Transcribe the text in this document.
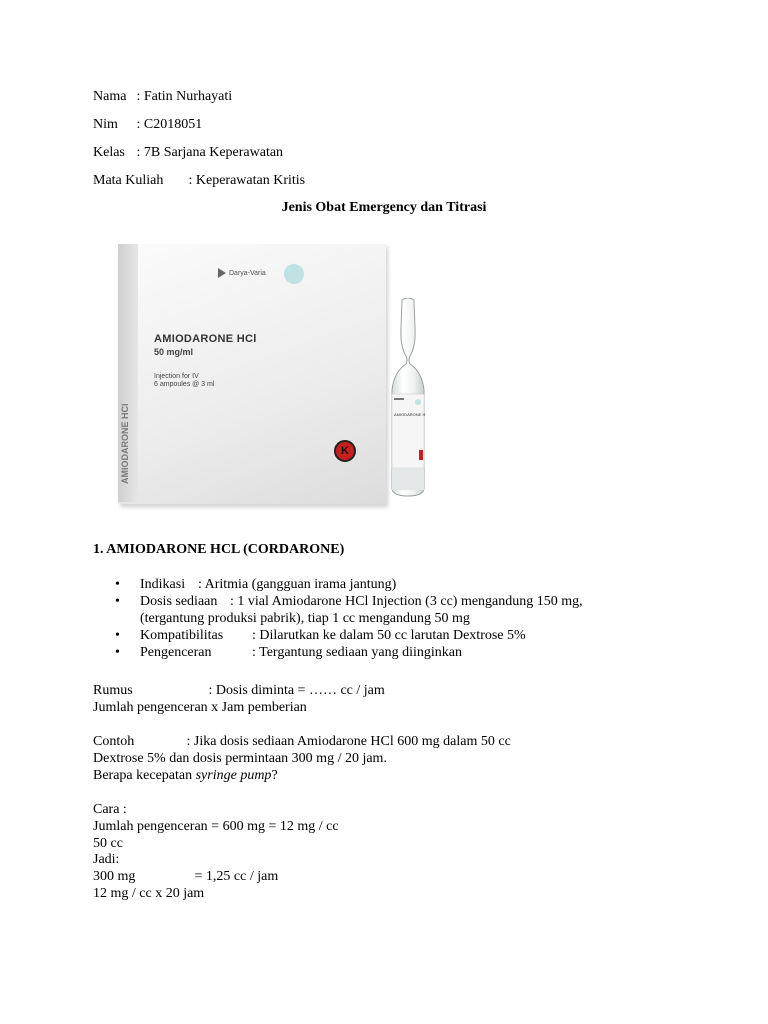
Nama : Fatin Nurhayati
Nim : C2018051
Kelas : 7B Sarjana Keperawatan
Mata Kuliah : Keperawatan Kritis
Jenis Obat Emergency dan Titrasi
AMIODARONE HCl
Darya-Varia
AMIODARONE HCl
50 mg/ml
Injection for IV
6 ampoules @ 3 ml
K
AMIODARONE H
1. AMIODARONE HCL (CORDARONE)
• Indikasi : Aritmia (gangguan irama jantung)
• Dosis sediaan : 1 vial Amiodarone HCl Injection (3 cc) mengandung 150 mg,
(tergantung produksi pabrik), tiap 1 cc mengandung 50 mg
• Kompatibilitas : Dilarutkan ke dalam 50 cc larutan Dextrose 5%
• Pengenceran	: Tergantung sediaan yang diinginkan
Rumus	: Dosis diminta = …… cc / jam
Jumlah pengenceran x Jam pemberian
Contoh	: Jika dosis sediaan Amiodarone HCl 600 mg dalam 50 cc
Dextrose 5% dan dosis permintaan 300 mg / 20 jam.
Berapa kecepatan syringe pump?
Cara :
Jumlah pengenceran = 600 mg = 12 mg / cc
50 cc
Jadi:
300 mg	= 1,25 cc / jam
12 mg / cc x 20 jam
